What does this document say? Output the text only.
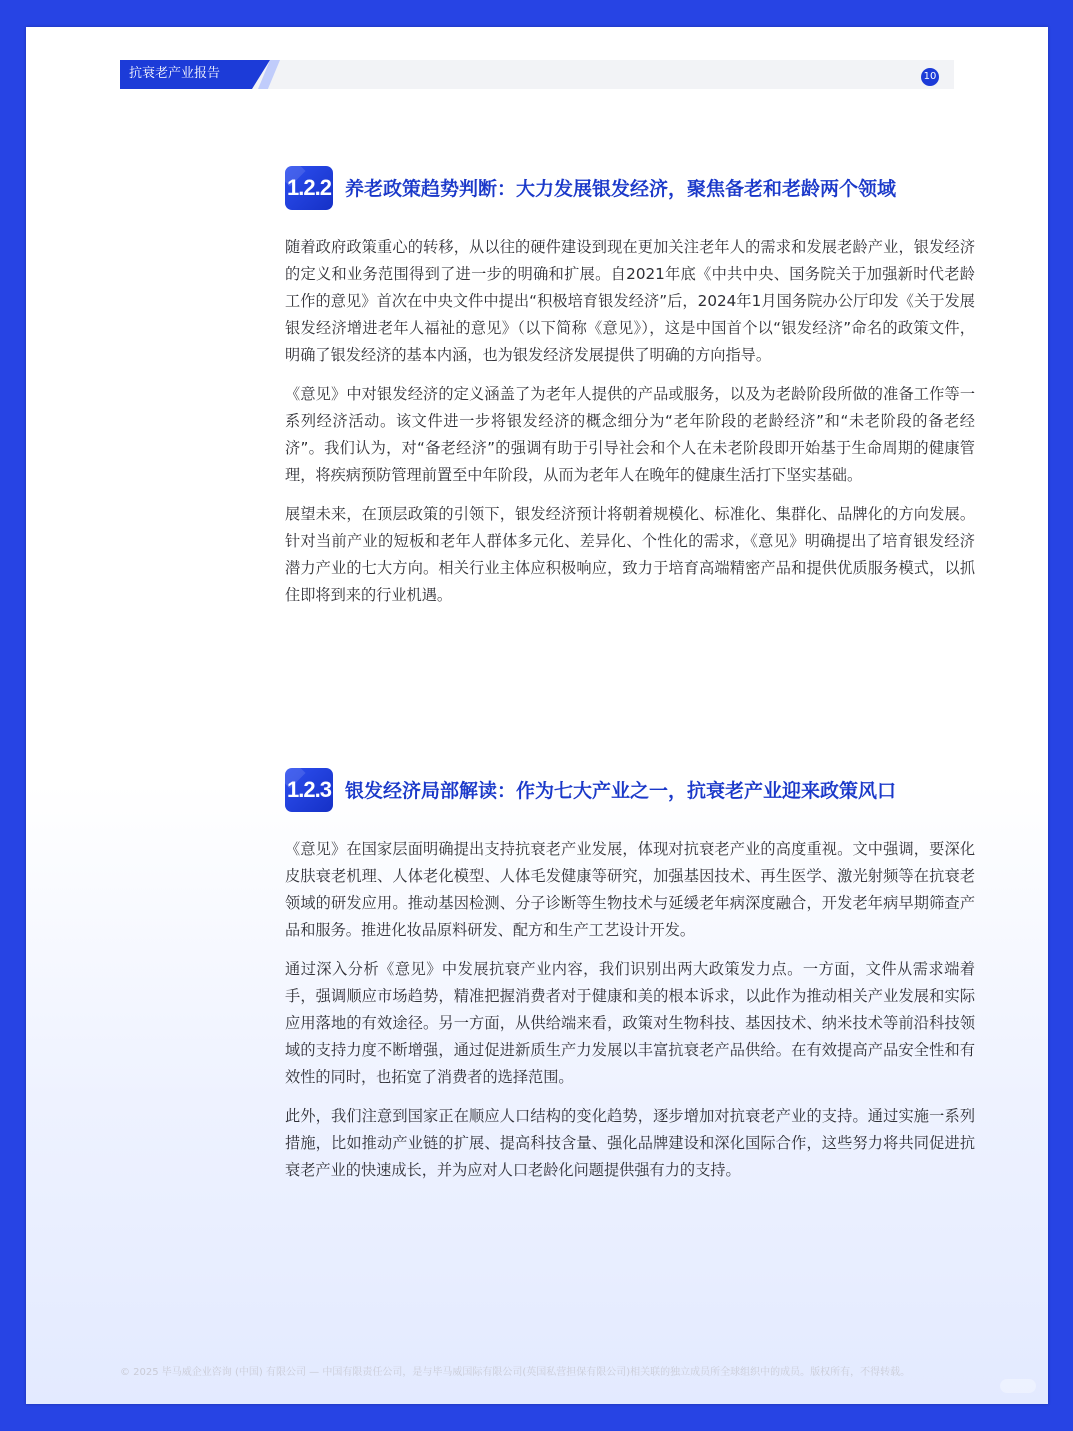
抗衰老产业报告	10
1.2.2 养老政策趋势判断：大力发展银发经济，聚焦备老和老龄两个领域

随着政府政策重心的转移，从以往的硬件建设到现在更加关注老年人的需求和发展老龄产业，银发经济的定义和业务范围得到了进一步的明确和扩展。自2021年底《中共中央、国务院关于加强新时代老龄工作的意见》首次在中央文件中提出“积极培育银发经济”后，2024年1月国务院办公厅印发《关于发展银发经济增进老年人福祉的意见》（以下简称《意见》），这是中国首个以“银发经济”命名的政策文件，明确了银发经济的基本内涵，也为银发经济发展提供了明确的方向指导。

《意见》中对银发经济的定义涵盖了为老年人提供的产品或服务，以及为老龄阶段所做的准备工作等一系列经济活动。该文件进一步将银发经济的概念细分为“老年阶段的老龄经济”和“未老阶段的备老经济”。我们认为，对“备老经济”的强调有助于引导社会和个人在未老阶段即开始基于生命周期的健康管理，将疾病预防管理前置至中年阶段，从而为老年人在晚年的健康生活打下坚实基础。

展望未来，在顶层政策的引领下，银发经济预计将朝着规模化、标准化、集群化、品牌化的方向发展。针对当前产业的短板和老年人群体多元化、差异化、个性化的需求，《意见》明确提出了培育银发经济潜力产业的七大方向。相关行业主体应积极响应，致力于培育高端精密产品和提供优质服务模式，以抓住即将到来的行业机遇。

1.2.3 银发经济局部解读：作为七大产业之一，抗衰老产业迎来政策风口

《意见》在国家层面明确提出支持抗衰老产业发展，体现对抗衰老产业的高度重视。文中强调，要深化皮肤衰老机理、人体老化模型、人体毛发健康等研究，加强基因技术、再生医学、激光射频等在抗衰老领域的研发应用。推动基因检测、分子诊断等生物技术与延缓老年病深度融合，开发老年病早期筛查产品和服务。推进化妆品原料研发、配方和生产工艺设计开发。

通过深入分析《意见》中发展抗衰产业内容，我们识别出两大政策发力点。一方面，文件从需求端着手，强调顺应市场趋势，精准把握消费者对于健康和美的根本诉求，以此作为推动相关产业发展和实际应用落地的有效途径。另一方面，从供给端来看，政策对生物科技、基因技术、纳米技术等前沿科技领域的支持力度不断增强，通过促进新质生产力发展以丰富抗衰老产品供给。在有效提高产品安全性和有效性的同时，也拓宽了消费者的选择范围。

此外，我们注意到国家正在顺应人口结构的变化趋势，逐步增加对抗衰老产业的支持。通过实施一系列措施，比如推动产业链的扩展、提高科技含量、强化品牌建设和深化国际合作，这些努力将共同促进抗衰老产业的快速成长，并为应对人口老龄化问题提供强有力的支持。

© 2025 毕马威企业咨询 (中国) 有限公司 — 中国有限责任公司，是与毕马威国际有限公司(英国私营担保有限公司)相关联的独立成员所全球组织中的成员。版权所有，不得转载。
